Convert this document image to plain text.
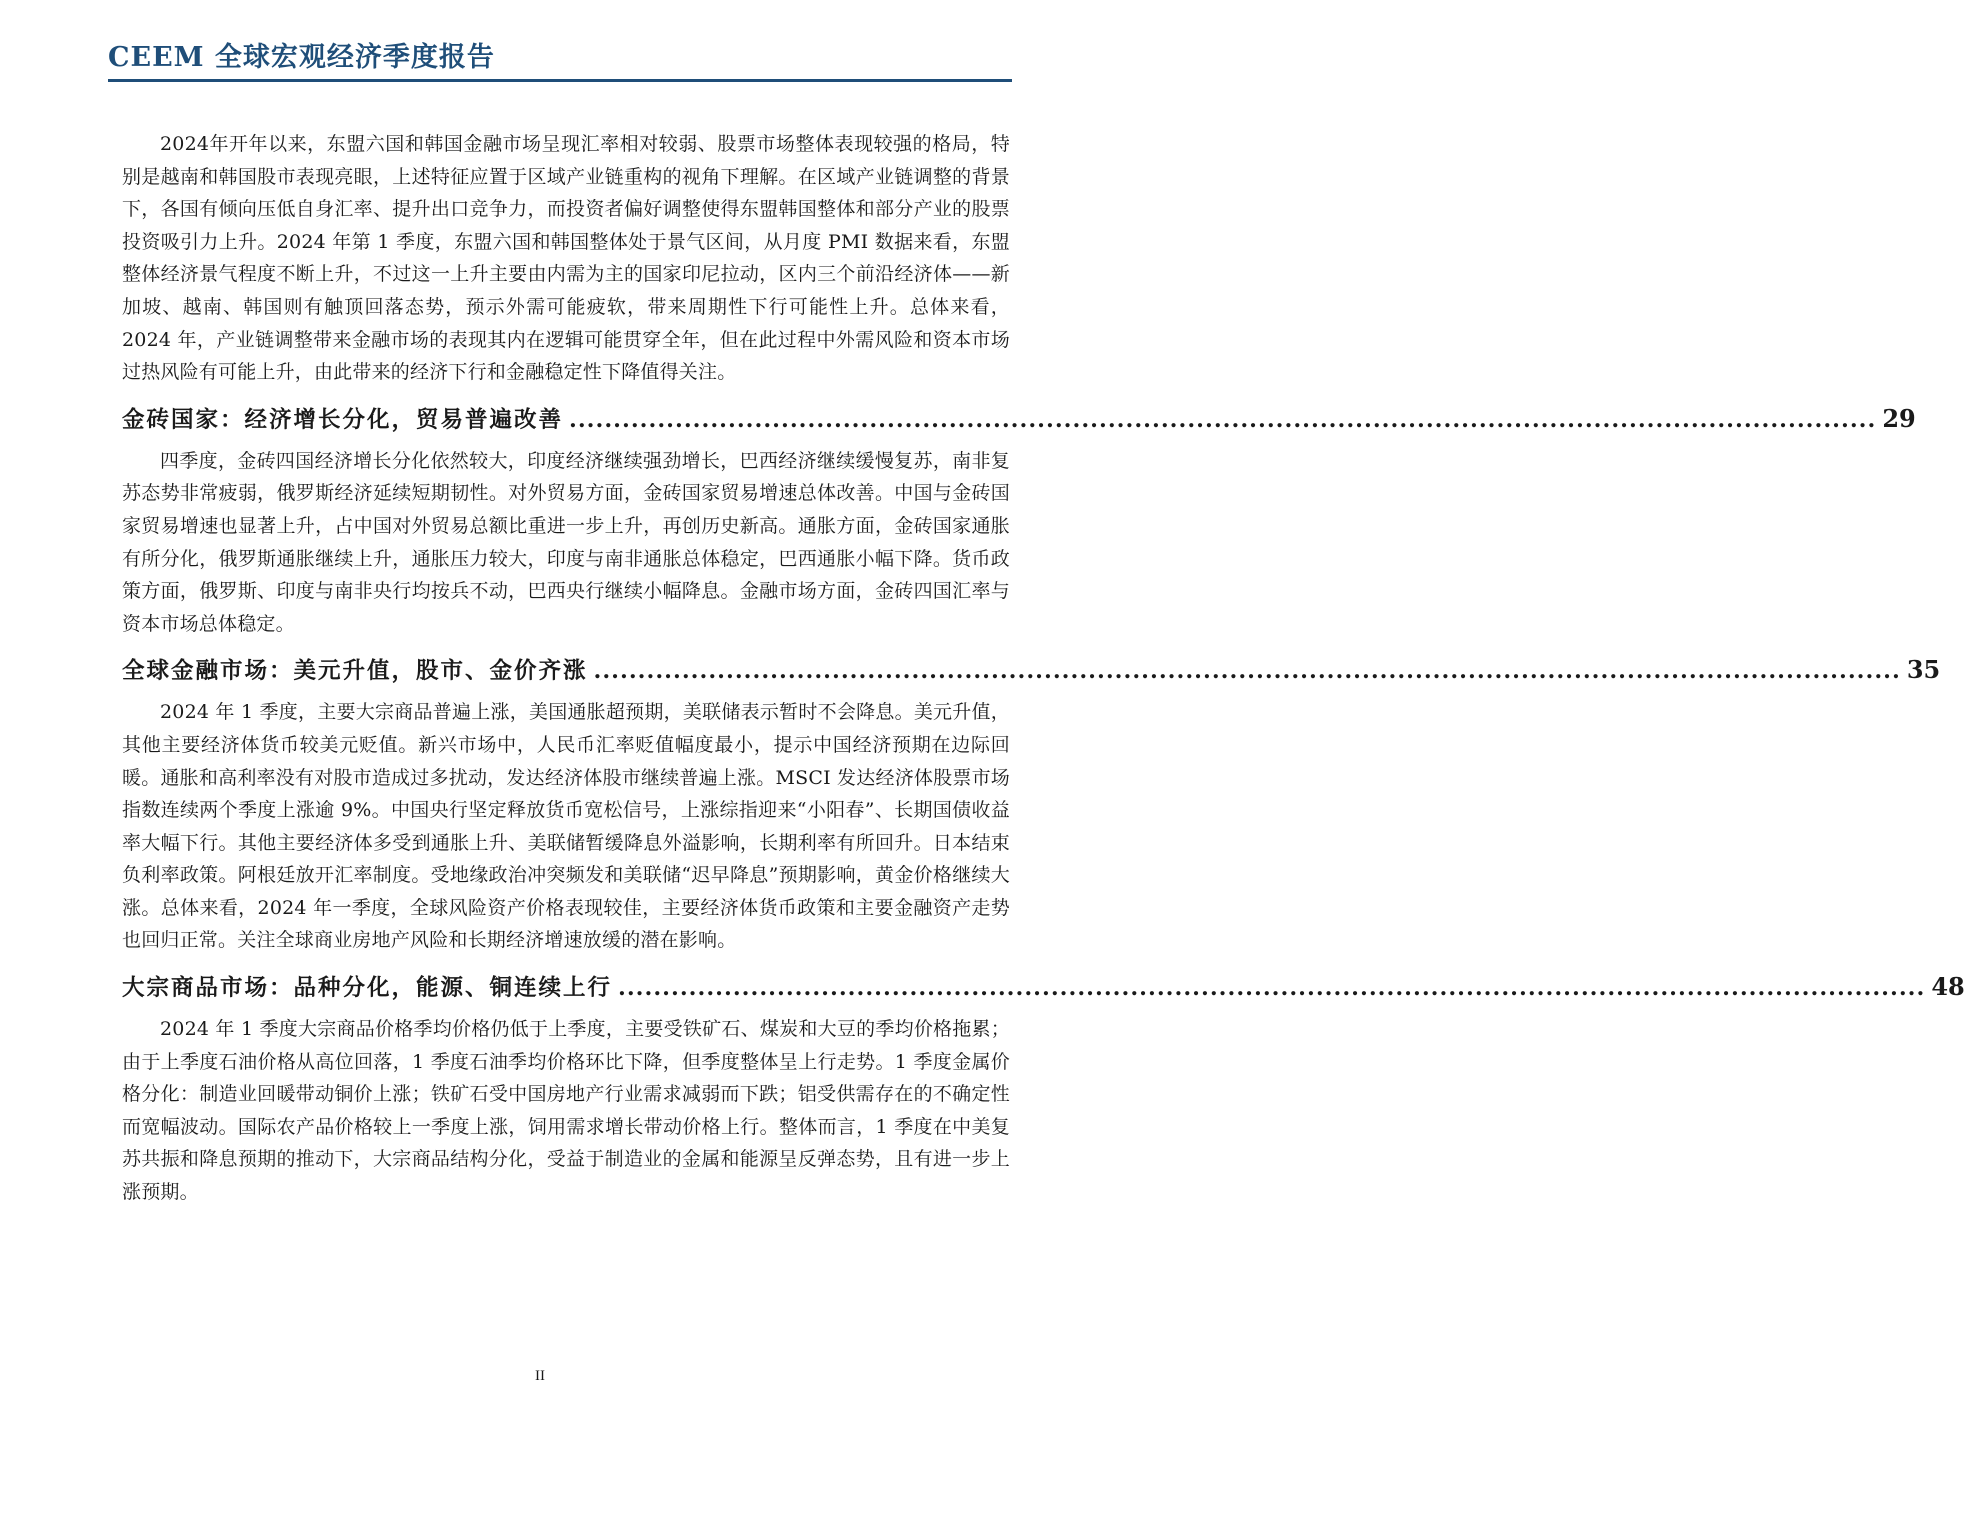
CEEM 全球宏观经济季度报告

2024年开年以来，东盟六国和韩国金融市场呈现汇率相对较弱、股票市场整体表现较强的格局，特别是越南和韩国股市表现亮眼，上述特征应置于区域产业链重构的视角下理解。在区域产业链调整的背景下，各国有倾向压低自身汇率、提升出口竞争力，而投资者偏好调整使得东盟韩国整体和部分产业的股票投资吸引力上升。2024 年第 1 季度，东盟六国和韩国整体处于景气区间，从月度 PMI 数据来看，东盟整体经济景气程度不断上升，不过这一上升主要由内需为主的国家印尼拉动，区内三个前沿经济体——新加坡、越南、韩国则有触顶回落态势，预示外需可能疲软，带来周期性下行可能性上升。总体来看，2024 年，产业链调整带来金融市场的表现其内在逻辑可能贯穿全年，但在此过程中外需风险和资本市场过热风险有可能上升，由此带来的经济下行和金融稳定性下降值得关注。

金砖国家：经济增长分化，贸易普遍改善 .................................................................................................................................................... 29

四季度，金砖四国经济增长分化依然较大，印度经济继续强劲增长，巴西经济继续缓慢复苏，南非复苏态势非常疲弱，俄罗斯经济延续短期韧性。对外贸易方面，金砖国家贸易增速总体改善。中国与金砖国家贸易增速也显著上升，占中国对外贸易总额比重进一步上升，再创历史新高。通胀方面，金砖国家通胀有所分化，俄罗斯通胀继续上升，通胀压力较大，印度与南非通胀总体稳定，巴西通胀小幅下降。货币政策方面，俄罗斯、印度与南非央行均按兵不动，巴西央行继续小幅降息。金融市场方面，金砖四国汇率与资本市场总体稳定。

全球金融市场：美元升值，股市、金价齐涨 .................................................................................................................................................... 35

2024 年 1 季度，主要大宗商品普遍上涨，美国通胀超预期，美联储表示暂时不会降息。美元升值，其他主要经济体货币较美元贬值。新兴市场中，人民币汇率贬值幅度最小，提示中国经济预期在边际回暖。通胀和高利率没有对股市造成过多扰动，发达经济体股市继续普遍上涨。MSCI 发达经济体股票市场指数连续两个季度上涨逾 9%。中国央行坚定释放货币宽松信号，上涨综指迎来“小阳春”、长期国债收益率大幅下行。其他主要经济体多受到通胀上升、美联储暂缓降息外溢影响，长期利率有所回升。日本结束负利率政策。阿根廷放开汇率制度。受地缘政治冲突频发和美联储“迟早降息”预期影响，黄金价格继续大涨。总体来看，2024 年一季度，全球风险资产价格表现较佳，主要经济体货币政策和主要金融资产走势也回归正常。关注全球商业房地产风险和长期经济增速放缓的潜在影响。

大宗商品市场：品种分化，能源、铜连续上行 .................................................................................................................................................... 48

2024 年 1 季度大宗商品价格季均价格仍低于上季度，主要受铁矿石、煤炭和大豆的季均价格拖累；由于上季度石油价格从高位回落，1 季度石油季均价格环比下降，但季度整体呈上行走势。1 季度金属价格分化：制造业回暖带动铜价上涨；铁矿石受中国房地产行业需求减弱而下跌；铝受供需存在的不确定性而宽幅波动。国际农产品价格较上一季度上涨，饲用需求增长带动价格上行。整体而言，1 季度在中美复苏共振和降息预期的推动下，大宗商品结构分化，受益于制造业的金属和能源呈反弹态势，且有进一步上涨预期。

II
